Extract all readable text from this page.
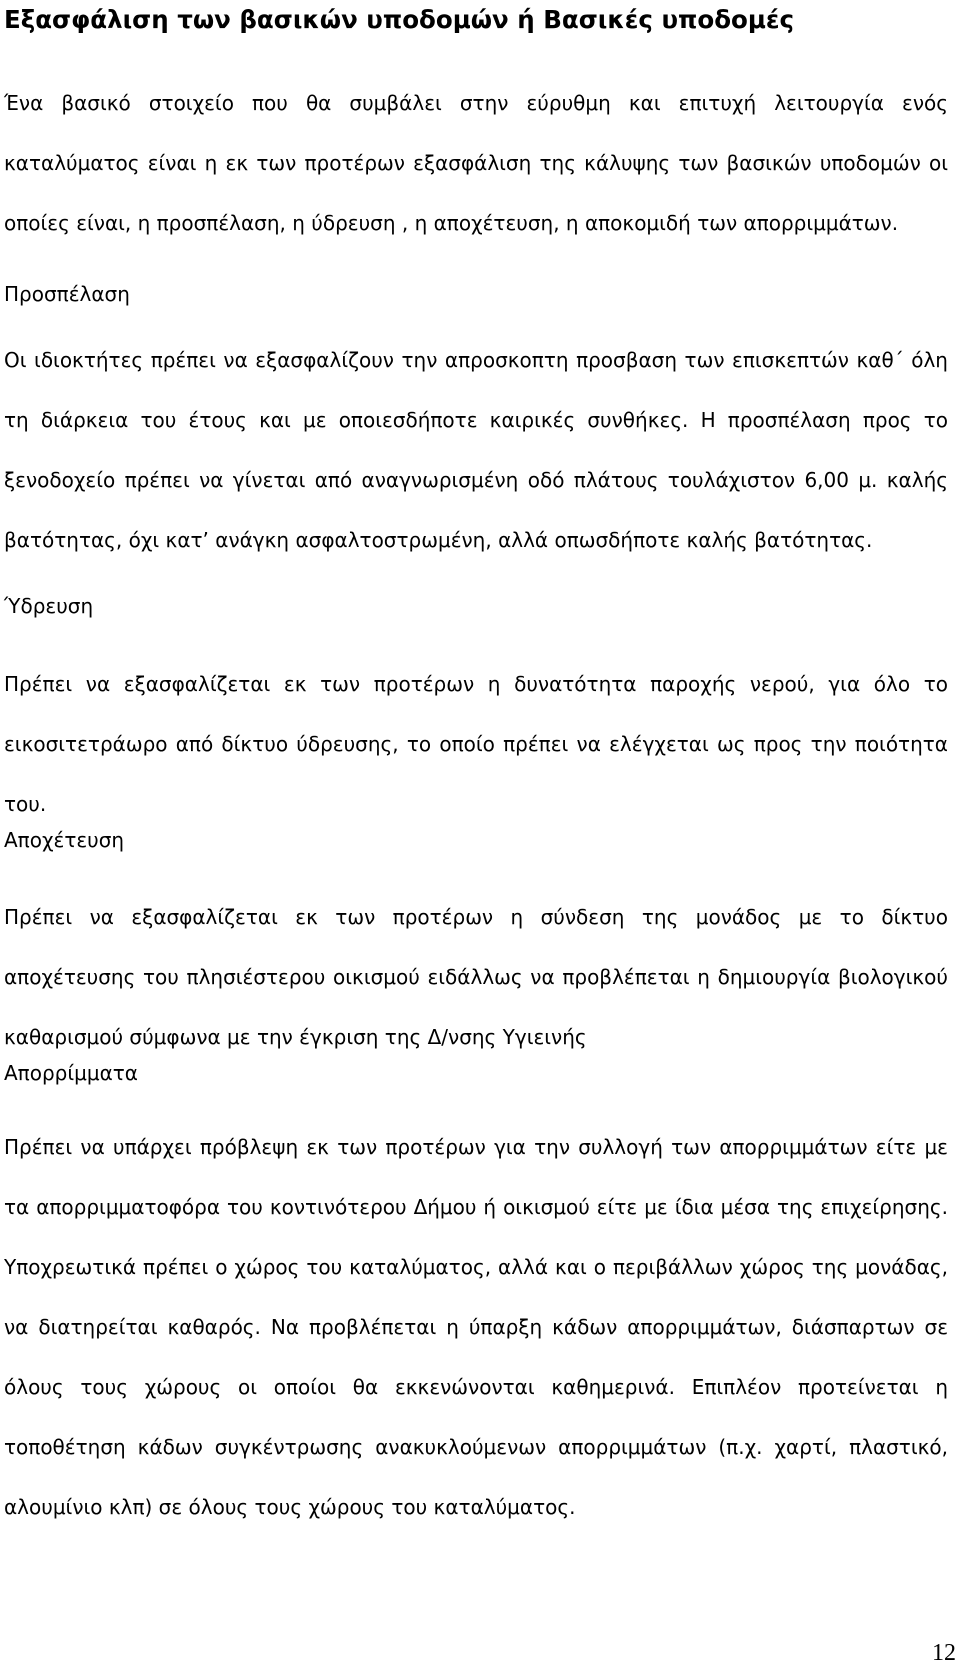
Εξασφάλιση των βασικών υποδομών ή Βασικές υποδομές
Ένα βασικό στοιχείο που θα συμβάλει στην εύρυθμη και επιτυχή λειτουργία ενός καταλύματος είναι η εκ των προτέρων εξασφάλιση της κάλυψης των βασικών υποδομών οι οποίες είναι, η προσπέλαση, η ύδρευση , η αποχέτευση, η αποκομιδή των απορριμμάτων.
Προσπέλαση
Οι ιδιοκτήτες πρέπει να εξασφαλίζουν την απροσκοπτη προσβαση των επισκεπτών καθ΄ όλη τη διάρκεια του έτους και με οποιεσδήποτε καιρικές συνθήκες. Η προσπέλαση προς το ξενοδοχείο πρέπει να γίνεται από αναγνωρισμένη οδό πλάτους τουλάχιστον 6,00 μ. καλής βατότητας, όχι κατ’ ανάγκη ασφαλτοστρωμένη, αλλά οπωσδήποτε καλής βατότητας.
Ύδρευση
Πρέπει να εξασφαλίζεται εκ των προτέρων η δυνατότητα παροχής νερού, για όλο το εικοσιτετράωρο από δίκτυο ύδρευσης, το οποίο πρέπει να ελέγχεται ως προς την ποιότητα του.
Αποχέτευση
Πρέπει να εξασφαλίζεται εκ των προτέρων η σύνδεση της μονάδος με το δίκτυο αποχέτευσης του πλησιέστερου οικισμού ειδάλλως να προβλέπεται η δημιουργία βιολογικού καθαρισμού σύμφωνα με την έγκριση της Δ/νσης Υγιεινής
Απορρίμματα
Πρέπει να υπάρχει πρόβλεψη εκ των προτέρων για την συλλογή των απορριμμάτων είτε με τα απορριμματοφόρα του κοντινότερου Δήμου ή οικισμού είτε με ίδια μέσα της επιχείρησης. Υποχρεωτικά πρέπει ο χώρος του καταλύματος, αλλά και ο περιβάλλων χώρος της μονάδας, να διατηρείται καθαρός. Να προβλέπεται η ύπαρξη κάδων απορριμμάτων, διάσπαρτων σε όλους τους χώρους οι οποίοι θα εκκενώνονται καθημερινά. Επιπλέον προτείνεται η τοποθέτηση κάδων συγκέντρωσης ανακυκλούμενων απορριμμάτων (π.χ. χαρτί, πλαστικό, αλουμίνιο κλπ) σε όλους τους χώρους του καταλύματος.
12
